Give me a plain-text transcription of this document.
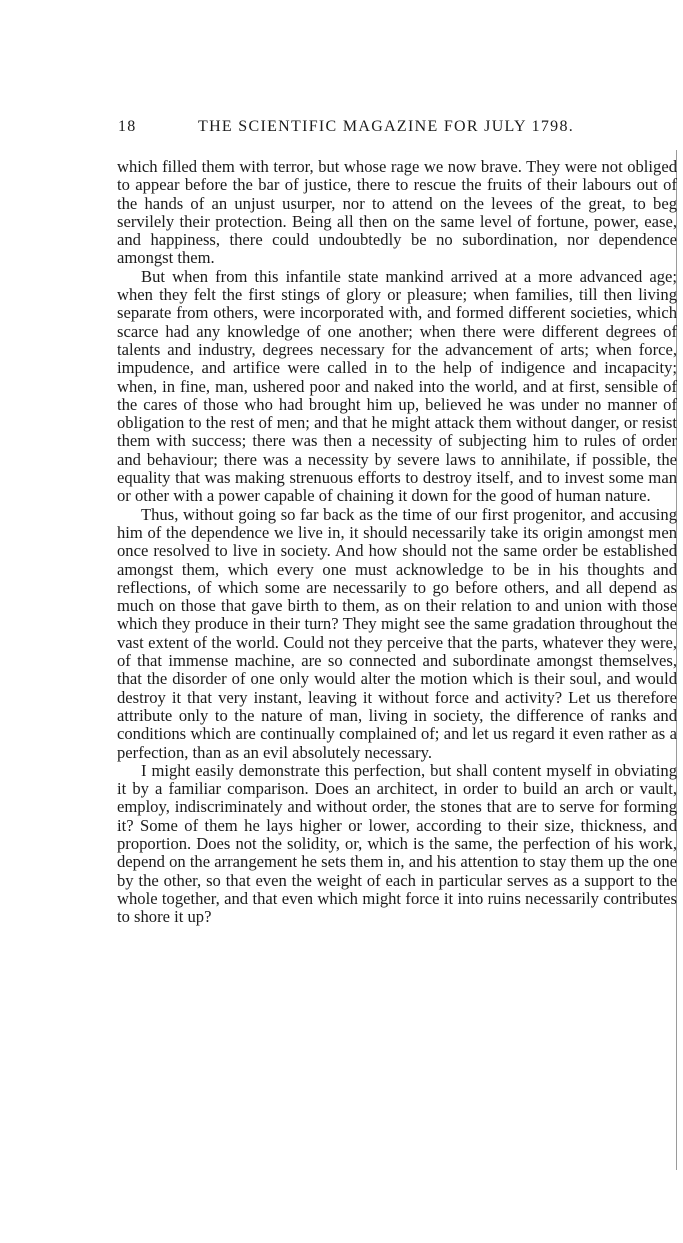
18	THE SCIENTIFIC MAGAZINE FOR JULY 1798.

which filled them with terror, but whose rage we now brave. They were not obliged to appear before the bar of justice, there to rescue the fruits of their labours out of the hands of an unjust usurper, nor to attend on the levees of the great, to beg servilely their protection. Being all then on the same level of fortune, power, ease, and happiness, there could undoubtedly be no subordination, nor dependence amongst them.

But when from this infantile state mankind arrived at a more advanced age; when they felt the first stings of glory or pleasure; when families, till then living separate from others, were incorporated with, and formed different societies, which scarce had any knowledge of one another; when there were different degrees of talents and industry, degrees necessary for the advancement of arts; when force, impudence, and artifice were called in to the help of indigence and incapacity; when, in fine, man, ushered poor and naked into the world, and at first, sensible of the cares of those who had brought him up, believed he was under no manner of obligation to the rest of men; and that he might attack them without danger, or resist them with success; there was then a necessity of subjecting him to rules of order and behaviour; there was a necessity by severe laws to annihilate, if possible, the equality that was making strenuous efforts to destroy itself, and to invest some man or other with a power capable of chaining it down for the good of human nature.

Thus, without going so far back as the time of our first progenitor, and accusing him of the dependence we live in, it should necessarily take its origin amongst men once resolved to live in society. And how should not the same order be established amongst them, which every one must acknowledge to be in his thoughts and reflections, of which some are necessarily to go before others, and all depend as much on those that gave birth to them, as on their relation to and union with those which they produce in their turn? They might see the same gradation throughout the vast extent of the world. Could not they perceive that the parts, whatever they were, of that immense machine, are so connected and subordinate amongst themselves, that the disorder of one only would alter the motion which is their soul, and would destroy it that very instant, leaving it without force and activity? Let us therefore attribute only to the nature of man, living in society, the difference of ranks and conditions which are continually complained of; and let us regard it even rather as a perfection, than as an evil absolutely necessary.

I might easily demonstrate this perfection, but shall content myself in obviating it by a familiar comparison. Does an architect, in order to build an arch or vault, employ, indiscriminately and without order, the stones that are to serve for forming it? Some of them he lays higher or lower, according to their size, thickness, and proportion. Does not the solidity, or, which is the same, the perfection of his work, depend on the arrangement he sets them in, and his attention to stay them up the one by the other, so that even the weight of each in particular serves as a support to the whole together, and that even which might force it into ruins necessarily contributes to shore it up?
